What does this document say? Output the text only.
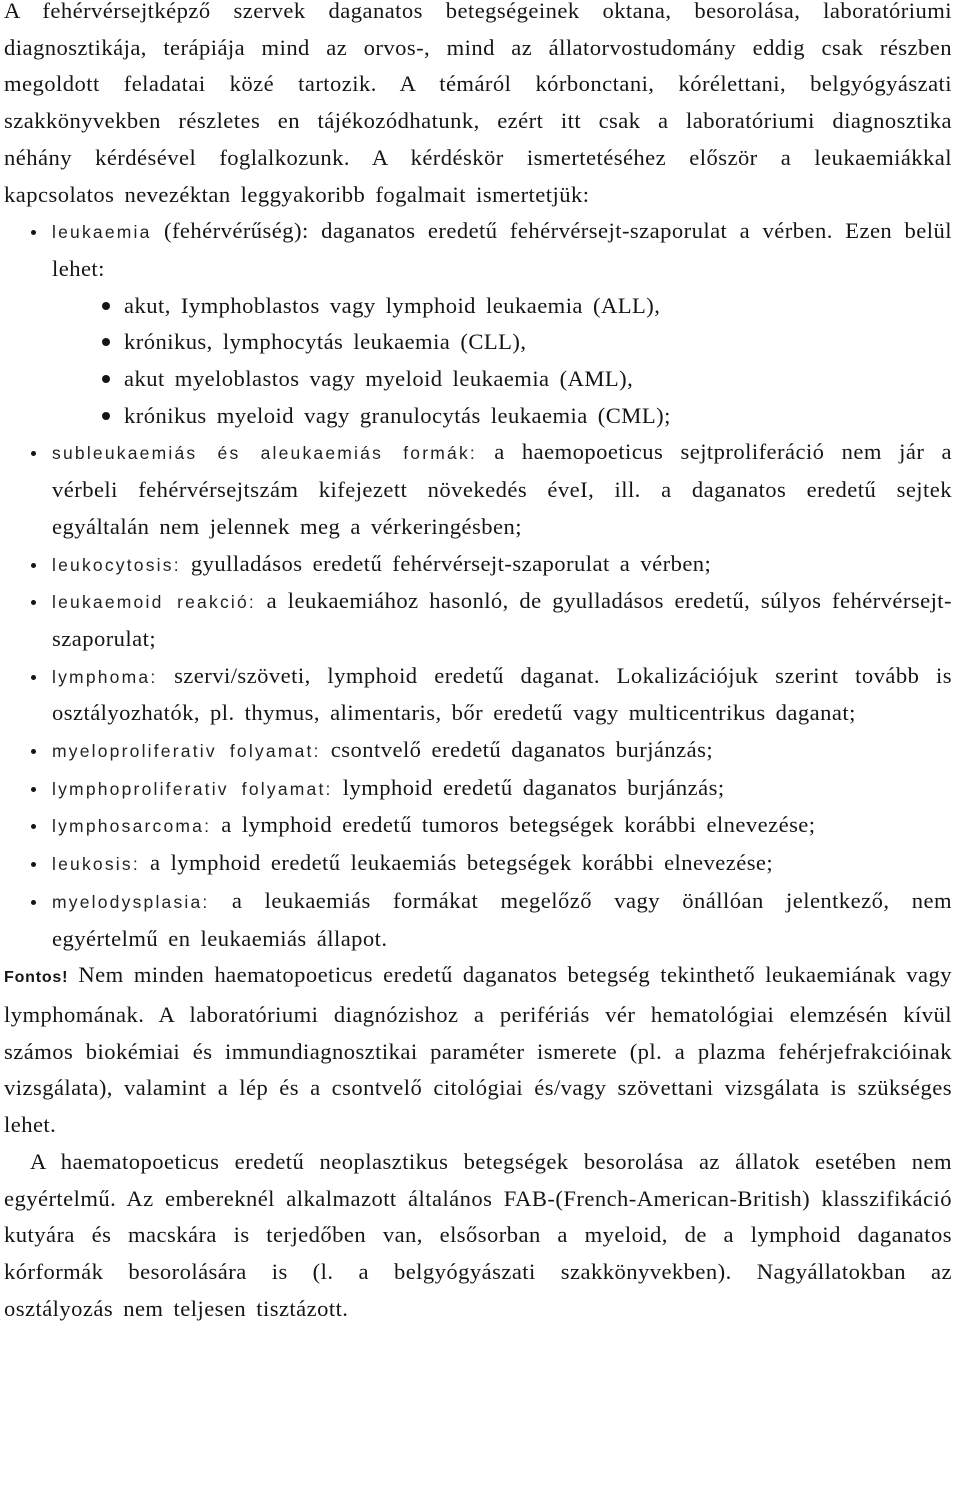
A fehérvérsejtképző szervek daganatos betegségeinek oktana, besorolása, laboratóriumi diagnosztikája, terápiája mind az orvos-, mind az állatorvostudomány eddig csak részben megoldott feladatai közé tartozik. A témáról kórbonctani, kórélettani, belgyógyászati szakkönyvekben részletes en tájékozódhatunk, ezért itt csak a laboratóriumi diagnosztika néhány kérdésével foglalkozunk. A kérdéskör ismertetéséhez először a leukaemiákkal kapcsolatos nevezéktan leggyakoribb fogalmait ismertetjük:

leukaemia (fehérvérűség): daganatos eredetű fehérvérsejt-szaporulat a vérben. Ezen belül lehet:
akut, Iymphoblastos vagy lymphoid leukaemia (ALL),
krónikus, lymphocytás leukaemia (CLL),
akut myeloblastos vagy myeloid leukaemia (AML),
krónikus myeloid vagy granulocytás leukaemia (CML);
subleukaemiás és aleukaemiás formák: a haemopoeticus sejtproliferáció nem jár a vérbeli fehérvérsejtszám kifejezett növekedés éveI, ill. a daganatos eredetű sejtek egyáltalán nem jelennek meg a vérkeringésben;
leukocytosis: gyulladásos eredetű fehérvérsejt-szaporulat a vérben;
leukaemoid reakció: a leukaemiához hasonló, de gyulladásos eredetű, súlyos fehérvérsejt-szaporulat;
lymphoma: szervi/szöveti, lymphoid eredetű daganat. Lokalizációjuk szerint tovább is osztályozhatók, pl. thymus, alimentaris, bőr eredetű vagy multicentrikus daganat;
myeloproliferativ folyamat: csontvelő eredetű daganatos burjánzás;
lymphoproliferativ folyamat: lymphoid eredetű daganatos burjánzás;
lymphosarcoma: a lymphoid eredetű tumoros betegségek korábbi elnevezése;
leukosis: a lymphoid eredetű leukaemiás betegségek korábbi elnevezése;
myelodysplasia: a leukaemiás formákat megelőző vagy önállóan jelentkező, nem egyértelmű en leukaemiás állapot.

Fontos! Nem minden haematopoeticus eredetű daganatos betegség tekinthető leukaemiának vagy lymphomának. A laboratóriumi diagnózishoz a perifériás vér hematológiai elemzésén kívül számos biokémiai és immundiagnosztikai paraméter ismerete (pl. a plazma fehérjefrakcióinak vizsgálata), valamint a lép és a csontvelő citológiai és/vagy szövettani vizsgálata is szükséges lehet.

A haematopoeticus eredetű neoplasztikus betegségek besorolása az állatok esetében nem egyértelmű. Az embereknél alkalmazott általános FAB-(French-American-British) klasszifikáció kutyára és macskára is terjedőben van, elsősorban a myeloid, de a lymphoid daganatos kórformák besorolására is (l. a belgyógyászati szakkönyvekben). Nagyállatokban az osztályozás nem teljesen tisztázott.
